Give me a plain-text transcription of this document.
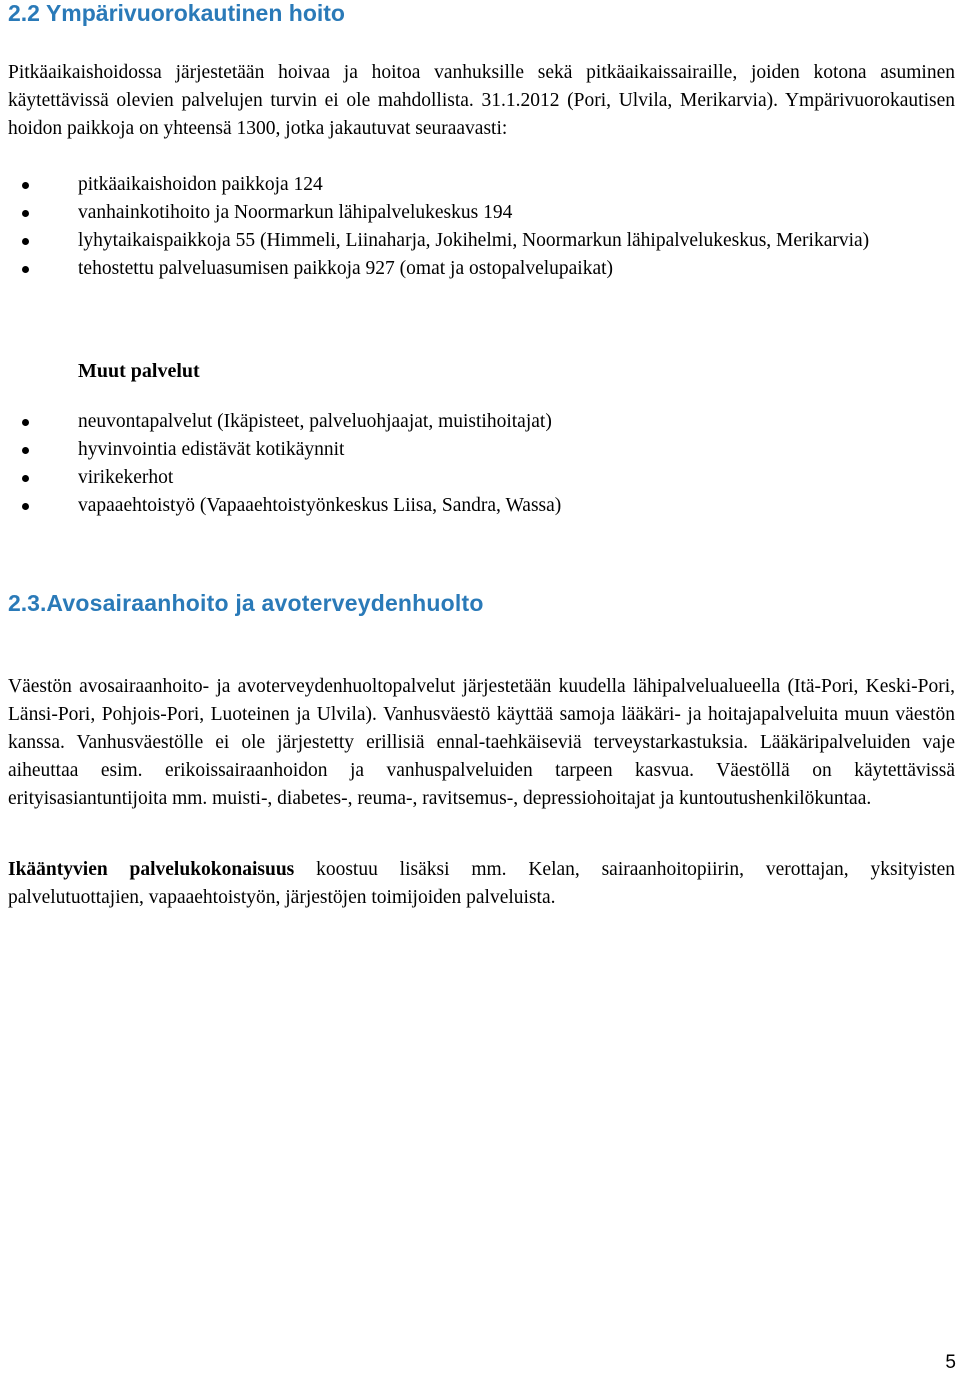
2.2 Ympärivuorokautinen hoito

Pitkäaikaishoidossa järjestetään hoivaa ja hoitoa vanhuksille sekä pitkäaikaissairaille, joiden kotona asuminen käytettävissä olevien palvelujen turvin ei ole mahdollista. 31.1.2012 (Pori, Ulvila, Merikarvia). Ympärivuorokautisen hoidon paikkoja on yhteensä 1300, jotka jakautuvat seuraavasti:

pitkäaikaishoidon paikkoja 124
vanhainkotihoito ja Noormarkun lähipalvelukeskus 194
lyhytaikaispaikkoja 55 (Himmeli, Liinaharja, Jokihelmi, Noormarkun lähipalvelukeskus, Merikarvia)
tehostettu palveluasumisen paikkoja 927 (omat ja ostopalvelupaikat)
Muut palvelut
neuvontapalvelut (Ikäpisteet, palveluohjaajat, muistihoitajat)
hyvinvointia edistävät kotikäynnit
virikekerhot
vapaaehtoistyö (Vapaaehtoistyönkeskus Liisa, Sandra, Wassa)
2.3.Avosairaanhoito ja avoterveydenhuolto

Väestön avosairaanhoito- ja avoterveydenhuoltopalvelut järjestetään kuudella lähipalvelualueella (Itä-Pori, Keski-Pori, Länsi-Pori, Pohjois-Pori, Luoteinen ja Ulvila). Vanhusväestö käyttää samoja lääkäri- ja hoitajapalveluita muun väestön kanssa. Vanhusväestölle ei ole järjestetty erillisiä ennal-taehkäiseviä terveystarkastuksia. Lääkäripalveluiden vaje aiheuttaa esim. erikoissairaanhoidon ja vanhuspalveluiden tarpeen kasvua. Väestöllä on käytettävissä erityisasiantuntijoita mm. muisti-, diabetes-, reuma-, ravitsemus-, depressiohoitajat ja kuntoutushenkilökuntaa.

Ikääntyvien palvelukokonaisuus koostuu lisäksi mm. Kelan, sairaanhoitopiirin, verottajan, yksityisten palvelutuottajien, vapaaehtoistyön, järjestöjen toimijoiden palveluista.

5
